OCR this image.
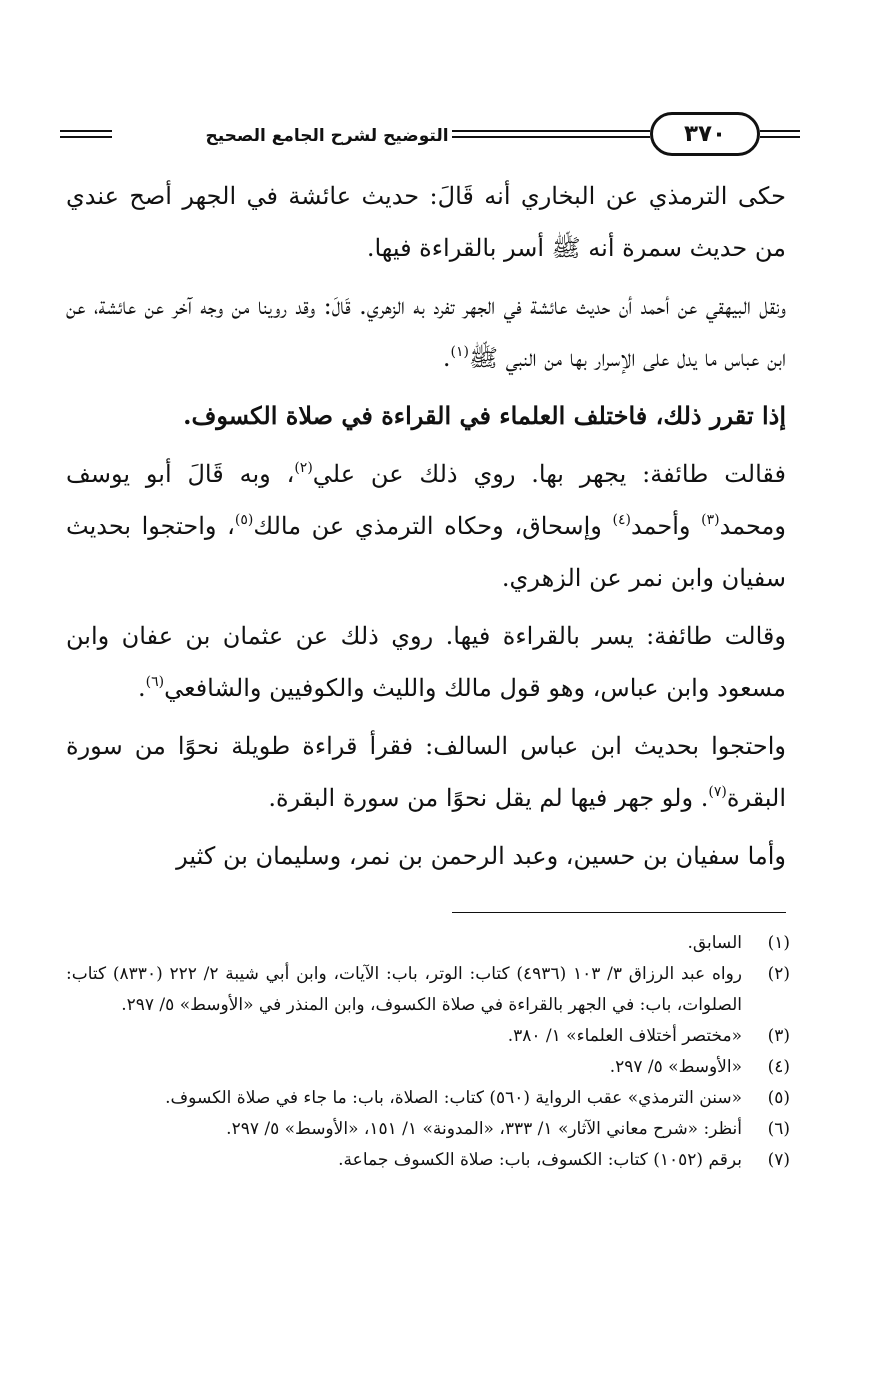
التوضيح لشرح الجامع الصحيح	٣٧٠

حكى الترمذي عن البخاري أنه قَالَ: حديث عائشة في الجهر أصح عندي من حديث سمرة أنه ﷺ أسر بالقراءة فيها.

ونقل البيهقي عن أحمد أن حديث عائشة في الجهر تفرد به الزهري. قَالَ: وقد روينا من وجه آخر عن عائشة، عن ابن عباس ما يدل على الإسرار بها من النبي ﷺ$^{(١)}$.

إذا تقرر ذلك، فاختلف العلماء في القراءة في صلاة الكسوف.

فقالت طائفة: يجهر بها. روي ذلك عن علي$^{(٢)}$، وبه قَالَ أبو يوسف ومحمد$^{(٣)}$ وأحمد$^{(٤)}$ وإسحاق، وحكاه الترمذي عن مالك$^{(٥)}$، واحتجوا بحديث سفيان وابن نمر عن الزهري.

وقالت طائفة: يسر بالقراءة فيها. روي ذلك عن عثمان بن عفان وابن مسعود وابن عباس، وهو قول مالك والليث والكوفيين والشافعي$^{(٦)}$.

واحتجوا بحديث ابن عباس السالف: فقرأ قراءة طويلة نحوًا من سورة البقرة$^{(٧)}$. ولو جهر فيها لم يقل نحوًا من سورة البقرة.

وأما سفيان بن حسين، وعبد الرحمن بن نمر، وسليمان بن كثير

(١)
السابق.
(٢)
رواه عبد الرزاق ٣/ ١٠٣ (٤٩٣٦) كتاب: الوتر، باب: الآيات، وابن أبي شيبة ٢/ ٢٢٢ (٨٣٣٠) كتاب: الصلوات، باب: في الجهر بالقراءة في صلاة الكسوف، وابن المنذر في «الأوسط» ٥/ ٢٩٧.
(٣)
«مختصر أختلاف العلماء» ١/ ٣٨٠.
(٤)
«الأوسط» ٥/ ٢٩٧.
(٥)
«سنن الترمذي» عقب الرواية (٥٦٠) كتاب: الصلاة، باب: ما جاء في صلاة الكسوف.
(٦)
أنظر: «شرح معاني الآثار» ١/ ٣٣٣، «المدونة» ١/ ١٥١، «الأوسط» ٥/ ٢٩٧.
(٧)
برقم (١٠٥٢) كتاب: الكسوف، باب: صلاة الكسوف جماعة.
